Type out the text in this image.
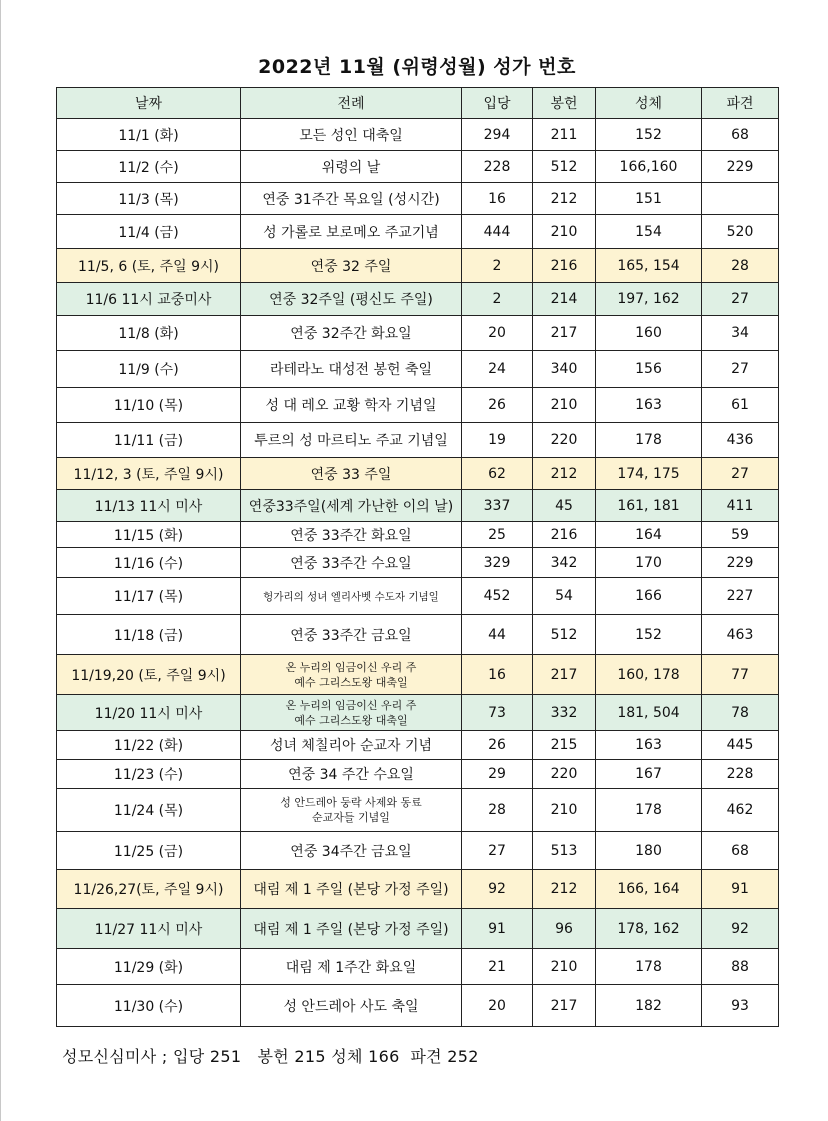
2022년 11월 (위령성월) 성가 번호
날짜	전례	입당	봉헌	성체	파견
11/1 (화)	모든 성인 대축일	294	211	152	68
11/2 (수)	위령의 날	228	512	166,160	229
11/3 (목)	연중 31주간 목요일 (성시간)	16	212	151	
11/4 (금)	성 가롤로 보로메오 주교기념	444	210	154	520
11/5, 6 (토, 주일 9시)	연중 32 주일	2	216	165, 154	28
11/6 11시 교중미사	연중 32주일 (평신도 주일)	2	214	197, 162	27
11/8 (화)	연중 32주간 화요일	20	217	160	34
11/9 (수)	라테라노 대성전 봉헌 축일	24	340	156	27
11/10 (목)	성 대 레오 교황 학자 기념일	26	210	163	61
11/11 (금)	투르의 성 마르티노 주교 기념일	19	220	178	436
11/12, 3 (토, 주일 9시)	연중 33 주일	62	212	174, 175	27
11/13 11시 미사	연중33주일(세계 가난한 이의 날)	337	45	161, 181	411
11/15 (화)	연중 33주간 화요일	25	216	164	59
11/16 (수)	연중 33주간 수요일	329	342	170	229
11/17 (목)	헝가리의 성녀 엘리사벳 수도자 기념일	452	54	166	227
11/18 (금)	연중 33주간 금요일	44	512	152	463
11/19,20 (토, 주일 9시)	온 누리의 임금이신 우리 주
예수 그리스도왕 대축일	16	217	160, 178	77
11/20 11시 미사	온 누리의 임금이신 우리 주
예수 그리스도왕 대축일	73	332	181, 504	78
11/22 (화)	성녀 체칠리아 순교자 기념	26	215	163	445
11/23 (수)	연중 34 주간 수요일	29	220	167	228
11/24 (목)	성 안드레아 둥락 사제와 동료
순교자들 기념일	28	210	178	462
11/25 (금)	연중 34주간 금요일	27	513	180	68
11/26,27(토, 주일 9시)	대림 제 1 주일 (본당 가정 주일)	92	212	166, 164	91
11/27 11시 미사	대림 제 1 주일 (본당 가정 주일)	91	96	178, 162	92
11/29 (화)	대림 제 1주간 화요일	21	210	178	88
11/30 (수)	성 안드레아 사도 축일	20	217	182	93
성모신심미사 ; 입당 251 봉헌 215 성체 166 파견 252
